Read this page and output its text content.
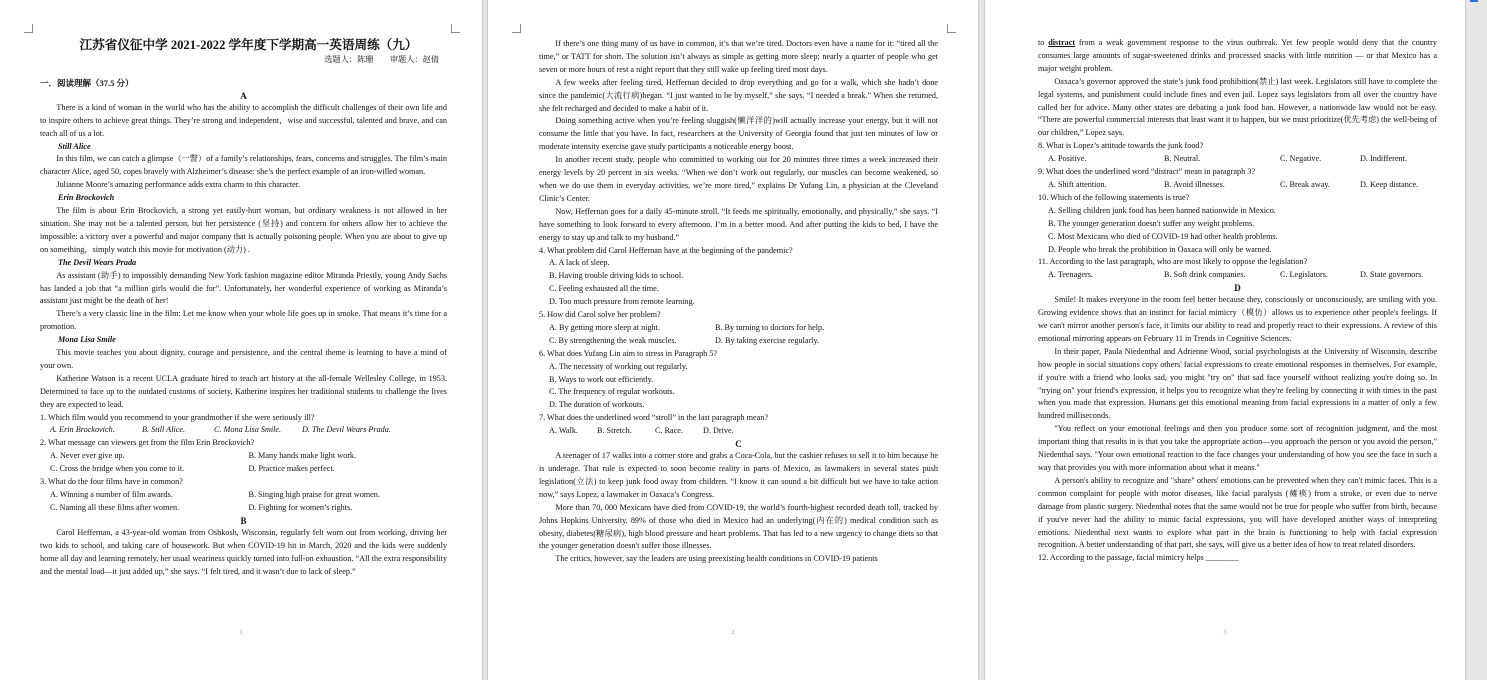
江苏省仪征中学 2021-2022 学年度下学期高一英语周练（九）

选题人：陈珊　　审题人：赵倩

一．阅读理解（37.5 分）

A

There is a kind of woman in the world who has the ability to accomplish the difficult challenges of their own life and to inspire others to achieve great things. They’re strong and independent，wise and successful, talented and brave, and can teach all of us a lot.

Still Alice

In this film, we can catch a glimpse（一瞥）of a family’s relationships, fears, concerns and struggles. The film’s main character Alice, aged 50, copes bravely with Alzheimer’s disease: she’s the perfect example of an iron-willed woman.

Julianne Moore’s amazing performance adds extra charm to this character.

Erin Brockovich

The film is about Erin Brockovich, a strong yet easily-hurt woman, but ordinary weakness is not allowed in her situation. She may not be a talented person, but her persistence (坚持) and concern for others allow her to achieve the impossible: a victory over a powerful and major company that is actually poisoning people. When you are about to give up on something，simply watch this movie for motivation (动力) .

The Devil Wears Prada

As assistant (助手) to impossibly demanding New York fashion magazine editor Miranda Priestly, young Andy Sachs has landed a job that “a million girls would die for”. Unfortunately, her wonderful experience of working as Miranda’s assistant just might be the death of her!

There’s a very classic line in the film: Let me know when your whole life goes up in smoke. That means it’s time for a promotion.

Mona Lisa Smile

This movie teaches you about dignity, courage and persistence, and the central theme is learning to have a mind of your own.

Katherine Watson is a recent UCLA graduate hired to teach art history at the all-female Wellesley College, in 1953. Determined to face up to the outdated customs of society, Katherine inspires her traditional students to challenge the lives they are expected to lead.

1. Which film would you recommend to your grandmother if she were seriously ill?

A. Erin Brockovich.	B. Still Alice.	C. Mona Lisa Smile.	D. The Devil Wears Prada.

2. What message can viewers get from the film Erin Brockovich?

A. Never ever give up.	B. Many hands make light work.
C. Cross the bridge when you come to it.	D. Practice makes perfect.

3. What do the four films have in common?

A. Winning a number of film awards.	B. Singing high praise for great women.
C. Naming all these films after women.	D. Fighting for women’s rights.

B

Carol Heffernan, a 43-year-old woman from Oshkosh, Wisconsin, regularly felt worn out from working, driving her two kids to school, and taking care of housework. But when COVID-19 hit in March, 2020 and the kids were suddenly home all day and learning remotely, her usual weariness quickly turned into full-on exhaustion. “All the extra responsibility and the mental load—it just added up,” she says. “I felt tired, and it wasn’t due to lack of sleep.”

1

If there’s one thing many of us have in common, it’s that we’re tired. Doctors even have a name for it: “tired all the time,” or TATT for short. The solution isn’t always as simple as getting more sleep; nearly a quarter of people who get seven or more hours of rest a night report that they still wake up feeling tired most days.

A few weeks after feeling tired, Heffernan decided to drop everything and go for a walk, which she hadn’t done since the pandemic(大流行病)began. “I just wanted to be by myself,” she says. “I needed a break.” When she returned, she felt recharged and decided to make a habit of it.

Doing something active when you’re feeling sluggish(懒洋洋的)will actually increase your energy, but it will not consume the little that you have. In fact, researchers at the University of Georgia found that just ten minutes of low or moderate intensity exercise gave study participants a noticeable energy boost.

In another recent study, people who committed to working out for 20 minutes three times a week increased their energy levels by 20 percent in six weeks. “When we don’t work out regularly, our muscles can become weakened, so when we do use them in everyday activities, we’re more tired,” explains Dr Yufang Lin, a physician at the Cleveland Clinic’s Center.

Now, Heffernan goes for a daily 45-minute stroll. “It feeds me spiritually, emotionally, and physically,” she says. “I have something to look forward to every afternoon. I’m in a better mood. And after putting the kids to bed, I have the energy to stay up and talk to my husband.”

4. What problem did Carol Heffernan have at the beginning of the pandemic?

A. A lack of sleep.

B. Having trouble driving kids to school.

C. Feeling exhausted all the time.

D. Too much pressure from remote learning.

5. How did Carol solve her problem?

A. By getting more sleep at night.	B. By turning to doctors for help.
C. By strengthening the weak muscles.	D. By taking exercise regularly.

6. What does Yufang Lin aim to stress in Paragraph 5?

A. The necessity of working out regularly.

B. Ways to work out efficiently.

C. The frequency of regular workouts.

D. The duration of workouts.

7. What does the underlined word “stroll” in the last paragraph mean?

A. Walk.	B. Stretch.	C. Race.	D. Drive.

C

A teenager of 17 walks into a corner store and grabs a Coca-Cola, but the cashier refuses to sell it to him because he is underage. That rule is expected to soon become reality in parts of Mexico, as lawmakers in several states push legislation(立法) to keep junk food away from children. “I know it can sound a bit difficult but we have to take action now,” says Lopez, a lawmaker in Oaxaca’s Congress.

More than 70, 000 Mexicans have died from COVID-19, the world’s fourth-highest recorded death toll, tracked by Johns Hopkins University. 89% of those who died in Mexico had an underlying(内在的) medical condition such as obesity, diabetes(糖尿病), high blood pressure and heart problems. That has led to a new urgency to change diets so that the younger generation doesn't suffer those illnesses.

The critics, however, say the leaders are using preexisting health conditions in COVID-19 patients

2

to distract from a weak government response to the virus outbreak. Yet few people would deny that the country consumes large amounts of sugar-sweetened drinks and processed snacks with little nutrition — or that Mexico has a major weight problem.

Oaxaca’s governor approved the state’s junk food prohibition(禁止) last week. Legislators still have to complete the legal systems, and punishment could include fines and even jail. Lopez says legislators from all over the country have called her for advice. Many other states are debating a junk food ban. However, a nationwide law would not be easy. “There are powerful commercial interests that least want it to happen, but we must prioritize(优先考虑) the well-being of our children,” Lopez says.

8. What is Lopez’s attitude towards the junk food?

A. Positive.	B. Neutral.	C. Negative.	D. Indifferent.

9. What does the underlined word “distract” mean in paragraph 3?

A. Shift attention.	B. Avoid illnesses.	C. Break away.	D. Keep distance.

10. Which of the following statements is true?

A. Selling children junk food has been banned nationwide in Mexico.

B. The younger generation doesn't suffer any weight problems.

C. Most Mexicans who died of COVID-19 had other health problems.

D. People who break the prohibition in Oaxaca will only be warned.

11. According to the last paragraph, who are most likely to oppose the legislation?

A. Teenagers.	B. Soft drink companies.	C. Legislators.	D. State governors.

D

Smile! It makes everyone in the room feel better because they, consciously or unconsciously, are smiling with you. Growing evidence shows that an instinct for facial mimicry（模仿）allows us to experience other people's feelings. If we can't mirror another person's face, it limits our ability to read and properly react to their expressions. A review of this emotional mirroring appears on February 11 in Trends in Cognitive Sciences.

In their paper, Paula Niedenthal and Adrienne Wood, social psychologists at the University of Wisconsin, describe how people in social situations copy others' facial expressions to create emotional responses in themselves. For example, if you're with a friend who looks sad, you might "try on" that sad face yourself without realizing you're doing so. In "trying on" your friend's expression, it helps you to recognize what they're feeling by connecting it with times in the past when you made that expression. Humans get this emotional meaning from facial expressions in a matter of only a few hundred milliseconds.

"You reflect on your emotional feelings and then you produce some sort of recognition judgment, and the most important thing that results in is that you take the appropriate action—you approach the person or you avoid the person," Niedenthal says. "Your own emotional reaction to the face changes your understanding of how you see the face in such a way that provides you with more information about what it means."

A person's ability to recognize and "share" others' emotions can be prevented when they can't mimic faces. This is a common complaint for people with motor diseases, like facial paralysis (瘫痪) from a stroke, or even due to nerve damage from plastic surgery. Niedenthal notes that the same would not be true for people who suffer from birth, because if you've never had the ability to mimic facial expressions, you will have developed another ways of interpreting emotions. Niedenthal next wants to explore what part in the brain is functioning to help with facial expression recognition. A better understanding of that part, she says, will give us a better idea of how to treat related disorders.

12. According to the passage, facial mimicry helps ________

3
